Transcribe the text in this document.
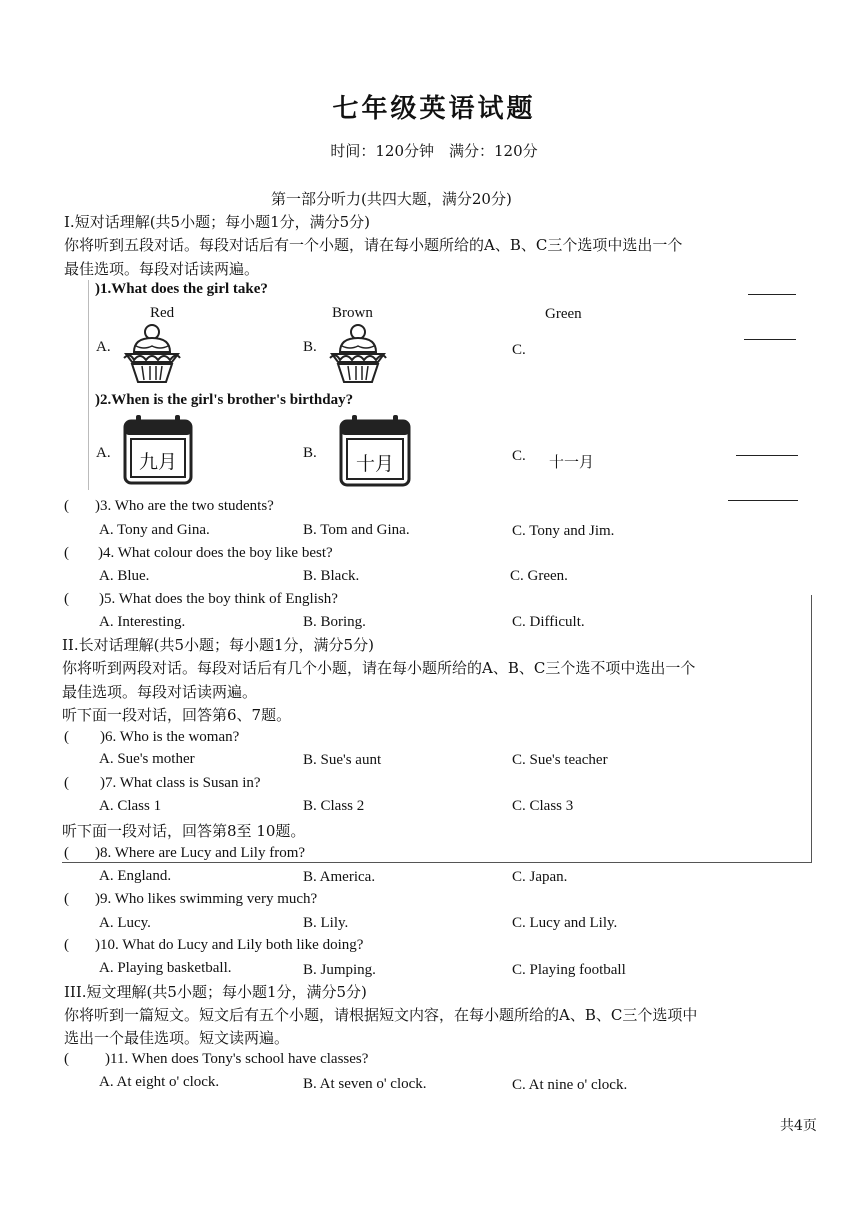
七年级英语试题
时间：120分钟　满分：120分
第一部分听力(共四大题，满分20分)
I.短对话理解(共5小题；每小题1分，满分5分)
你将听到五段对话。每段对话后有一个小题，请在每小题所给的A、B、C三个选项中选出一个
最佳选项。每段对话读两遍。
)1.What does the girl take?
Red	Brown	Green
A.	B.	C.
)2.When is the girl's brother's birthday?
A.	B.	C. 十一月
九月	十月
( )3. Who are the two students?
A. Tony and Gina.	B. Tom and Gina.	C. Tony and Jim.
( )4. What colour does the boy like best?
A. Blue.	B. Black.	C. Green.
( )5. What does the boy think of English?
A. Interesting.	B. Boring.	C. Difficult.
II.长对话理解(共5小题；每小题1分，满分5分)
你将听到两段对话。每段对话后有几个小题，请在每小题所给的A、B、C三个选不项中选出一个
最佳选项。每段对话读两遍。
听下面一段对话，回答第6、7题。
( )6. Who is the woman?
A. Sue's mother	B. Sue's aunt	C. Sue's teacher
( )7. What class is Susan in?
A. Class 1	B. Class 2	C. Class 3
听下面一段对话，回答第8至 10题。
( )8. Where are Lucy and Lily from?
A. England.	B. America.	C. Japan.
( )9. Who likes swimming very much?
A. Lucy.	B. Lily.	C. Lucy and Lily.
( )10. What do Lucy and Lily both like doing?
A. Playing basketball.	B. Jumping.	C. Playing football
III.短文理解(共5小题；每小题1分，满分5分)
你将听到一篇短文。短文后有五个小题，请根据短文内容，在每小题所给的A、B、C三个选项中
选出一个最佳选项。短文读两遍。
( )11. When does Tony's school have classes?
A. At eight o' clock.	B. At seven o' clock.	C. At nine o' clock.
共4页
